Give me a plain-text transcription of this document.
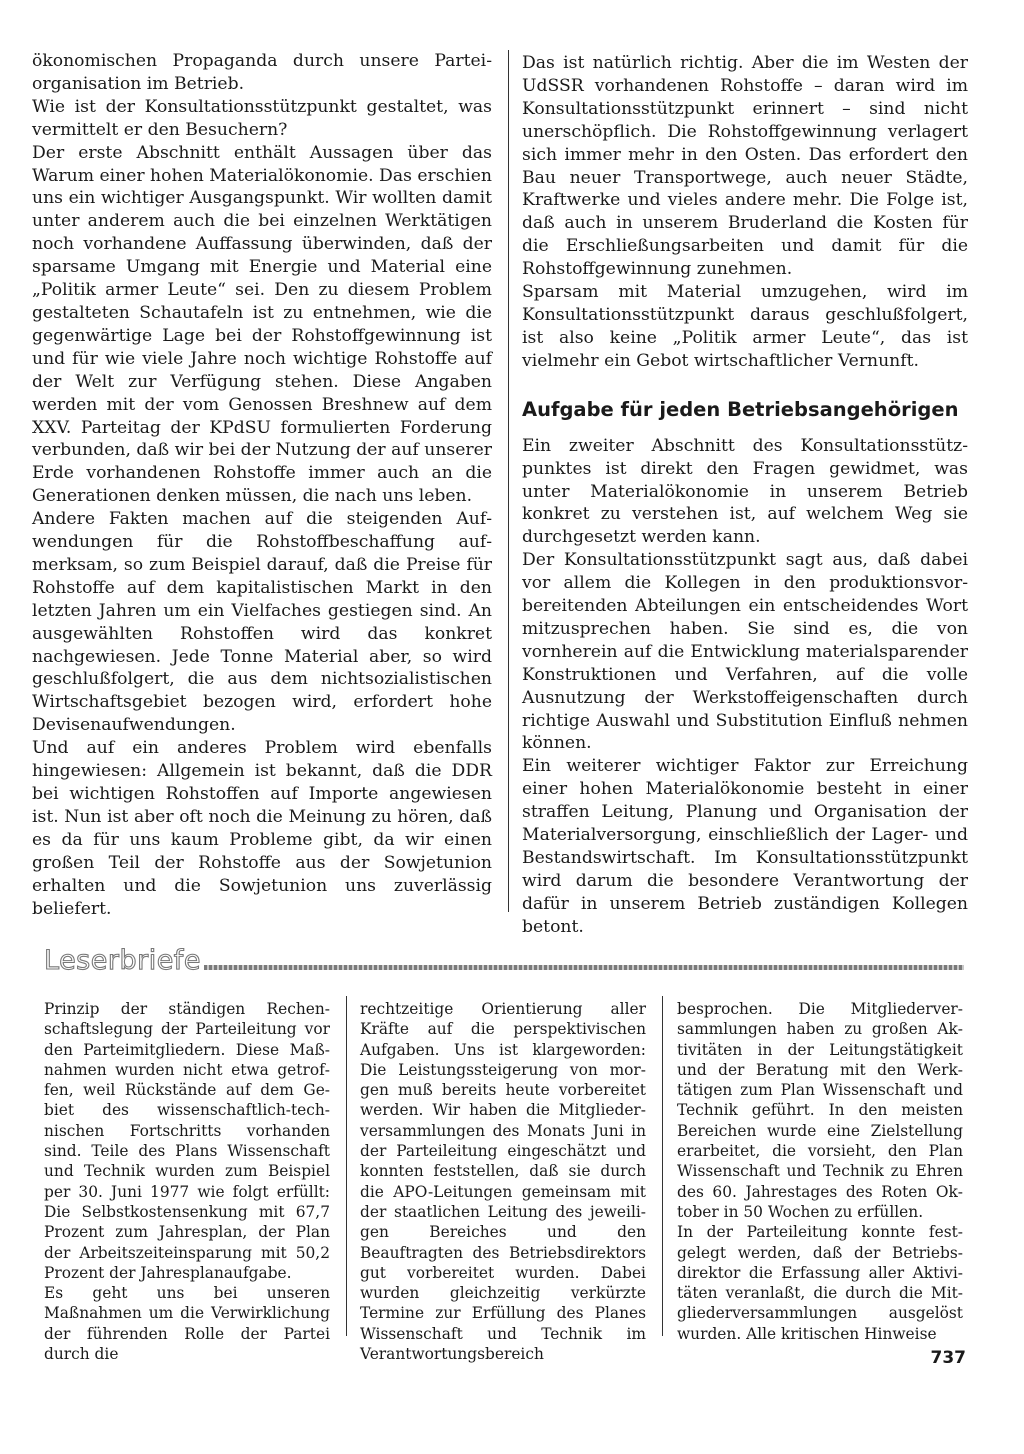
ökonomischen Propaganda durch unsere Parteiorganisation im Betrieb.

Wie ist der Konsultationsstützpunkt gestaltet, was vermittelt er den Besuchern?

Der erste Abschnitt enthält Aussagen über das Warum einer hohen Materialökonomie. Das erschien uns ein wichtiger Ausgangspunkt. Wir wollten damit unter anderem auch die bei einzelnen Werktätigen noch vorhandene Auffassung überwinden, daß der sparsame Umgang mit Energie und Material eine „Politik armer Leute“ sei. Den zu diesem Problem gestalteten Schautafeln ist zu entnehmen, wie die gegenwärtige Lage bei der Rohstoffgewinnung ist und für wie viele Jahre noch wichtige Rohstoffe auf der Welt zur Verfügung stehen. Diese Angaben werden mit der vom Genossen Breshnew auf dem XXV. Parteitag der KPdSU formulierten Forderung verbunden, daß wir bei der Nutzung der auf unserer Erde vorhandenen Rohstoffe immer auch an die Generationen denken müssen, die nach uns leben.

Andere Fakten machen auf die steigenden Aufwendungen für die Rohstoffbeschaffung aufmerksam, so zum Beispiel darauf, daß die Preise für Rohstoffe auf dem kapitalistischen Markt in den letzten Jahren um ein Vielfaches gestiegen sind. An ausgewählten Rohstoffen wird das konkret nachgewiesen. Jede Tonne Material aber, so wird geschlußfolgert, die aus dem nichtsozialistischen Wirtschaftsgebiet bezogen wird, erfordert hohe Devisenaufwendungen.

Und auf ein anderes Problem wird ebenfalls hingewiesen: Allgemein ist bekannt, daß die DDR bei wichtigen Rohstoffen auf Importe angewiesen ist. Nun ist aber oft noch die Meinung zu hören, daß es da für uns kaum Probleme gibt, da wir einen großen Teil der Rohstoffe aus der Sowjetunion erhalten und die Sowjetunion uns zuverlässig beliefert.

Das ist natürlich richtig. Aber die im Westen der UdSSR vorhandenen Rohstoffe – daran wird im Konsultationsstützpunkt erinnert – sind nicht unerschöpflich. Die Rohstoffgewinnung verlagert sich immer mehr in den Osten. Das erfordert den Bau neuer Transportwege, auch neuer Städte, Kraftwerke und vieles andere mehr. Die Folge ist, daß auch in unserem Bruderland die Kosten für die Erschließungsarbeiten und damit für die Rohstoffgewinnung zunehmen.

Sparsam mit Material umzugehen, wird im Konsultationsstützpunkt daraus geschlußfolgert, ist also keine „Politik armer Leute“, das ist vielmehr ein Gebot wirtschaftlicher Vernunft.

Aufgabe für jeden Betriebsangehörigen

Ein zweiter Abschnitt des Konsultationsstützpunktes ist direkt den Fragen gewidmet, was unter Materialökonomie in unserem Betrieb konkret zu verstehen ist, auf welchem Weg sie durchgesetzt werden kann.

Der Konsultationsstützpunkt sagt aus, daß dabei vor allem die Kollegen in den produktionsvorbereitenden Abteilungen ein entscheidendes Wort mitzusprechen haben. Sie sind es, die von vornherein auf die Entwicklung materialsparender Konstruktionen und Verfahren, auf die volle Ausnutzung der Werkstoffeigenschaften durch richtige Auswahl und Substitution Einfluß nehmen können.

Ein weiterer wichtiger Faktor zur Erreichung einer hohen Materialökonomie besteht in einer straffen Leitung, Planung und Organisation der Materialversorgung, einschließlich der Lager- und Bestandswirtschaft. Im Konsultationsstützpunkt wird darum die besondere Verantwortung der dafür in unserem Betrieb zuständigen Kollegen betont.

Leserbriefe

Prinzip der ständigen Rechenschaftslegung der Parteileitung vor den Parteimitgliedern. Diese Maßnahmen wurden nicht etwa getroffen, weil Rückstände auf dem Gebiet des wissenschaftlich-technischen Fortschritts vorhanden sind. Teile des Plans Wissenschaft und Technik wurden zum Beispiel per 30. Juni 1977 wie folgt erfüllt: Die Selbstkostensenkung mit 67,7 Prozent zum Jahresplan, der Plan der Arbeitszeiteinsparung mit 50,2 Prozent der Jahresplanaufgabe.

Es geht uns bei unseren Maßnahmen um die Verwirklichung der führenden Rolle der Partei durch die

rechtzeitige Orientierung aller Kräfte auf die perspektivischen Aufgaben. Uns ist klargeworden: Die Leistungssteigerung von morgen muß bereits heute vorbereitet werden. Wir haben die Mitgliederversammlungen des Monats Juni in der Parteileitung eingeschätzt und konnten feststellen, daß sie durch die APO-Leitungen gemeinsam mit der staatlichen Leitung des jeweiligen Bereiches und den Beauftragten des Betriebsdirektors gut vorbereitet wurden. Dabei wurden gleichzeitig verkürzte Termine zur Erfüllung des Planes Wissenschaft und Technik im Verantwortungsbereich

besprochen. Die Mitgliederversammlungen haben zu großen Aktivitäten in der Leitungstätigkeit und der Beratung mit den Werktätigen zum Plan Wissenschaft und Technik geführt. In den meisten Bereichen wurde eine Zielstellung erarbeitet, die vorsieht, den Plan Wissenschaft und Technik zu Ehren des 60. Jahrestages des Roten Oktober in 50 Wochen zu erfüllen.

In der Parteileitung konnte festgelegt werden, daß der Betriebsdirektor die Erfassung aller Aktivitäten veranlaßt, die durch die Mitgliederversammlungen ausgelöst wurden. Alle kritischen Hinweise

737
